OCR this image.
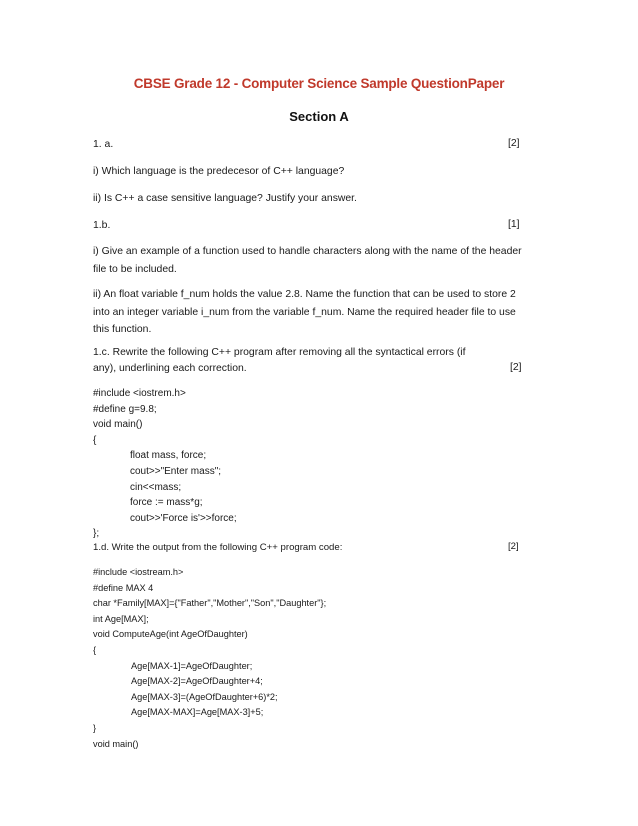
CBSE Grade 12 - Computer Science Sample QuestionPaper
Section A
1. a.	[2]
i) Which language is the predecesor of C++ language?
ii) Is C++ a case sensitive language? Justify your answer.
1.b.	[1]
i) Give an example of a function used to handle characters along with the name of the header
file to be included.
ii) An float variable f_num holds the value 2.8. Name the function that can be used to store 2
into an integer variable i_num from the variable f_num. Name the required header file to use
this function.
1.c. Rewrite the following C++ program after removing all the syntactical errors (if
any), underlining each correction.	[2]
#include <iostrem.h>
#define g=9.8;
void main()
{
float mass, force;
cout>>"Enter mass";
cin<<mass;
force := mass*g;
cout>>'Force is'>>force;
};
1.d. Write the output from the following C++ program code:	[2]
#include <iostream.h>
#define MAX 4
char *Family[MAX]={"Father","Mother","Son","Daughter"};
int Age[MAX];
void ComputeAge(int AgeOfDaughter)
{
Age[MAX-1]=AgeOfDaughter;
Age[MAX-2]=AgeOfDaughter+4;
Age[MAX-3]=(AgeOfDaughter+6)*2;
Age[MAX-MAX]=Age[MAX-3]+5;
}
void main()
